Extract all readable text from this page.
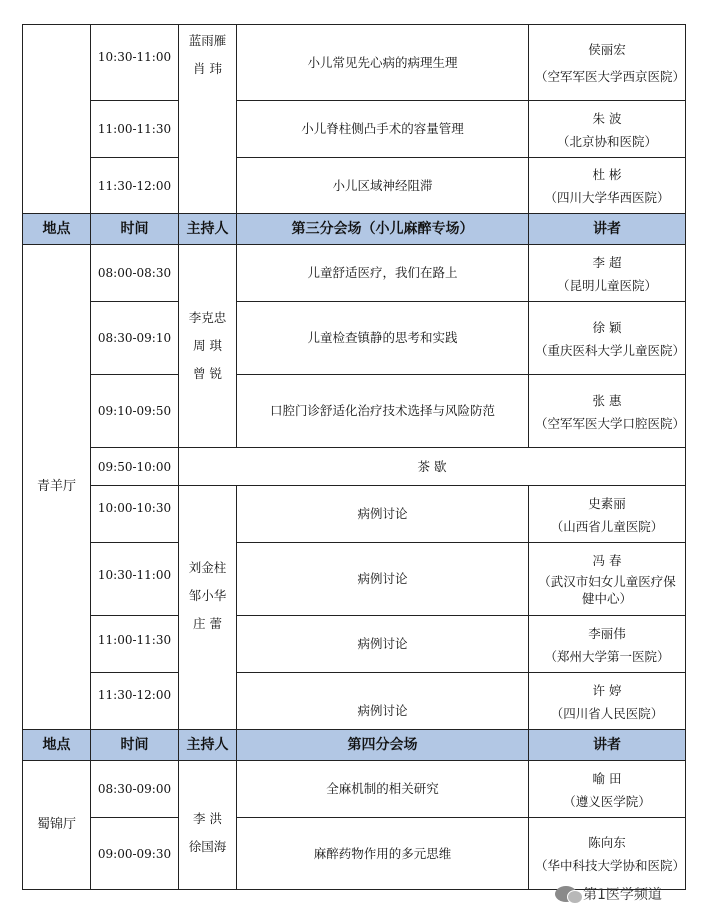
	10:30-11:00	蓝雨雁
肖 玮	小儿常见先心病的病理生理	侯丽宏
（空军军医大学西京医院）

	11:00-11:30		小儿脊柱侧凸手术的容量管理	朱 波
（北京协和医院）

	11:30-12:00		小儿区域神经阻滞	杜 彬
（四川大学华西医院）

地点	时间	主持人	第三分会场（小儿麻醉专场）	讲者
青羊厅	08:00-08:30	李克忠
周 琪
曾 锐	儿童舒适医疗，我们在路上	李 超
（昆明儿童医院）

	08:30-09:10		儿童检查镇静的思考和实践	徐 颖
（重庆医科大学儿童医院）

	09:10-09:50		口腔门诊舒适化治疗技术选择与风险防范	张 惠
（空军军医大学口腔医院）

	09:50-10:00	茶 歇		
	10:00-10:30	刘金柱
邹小华
庄 蕾	病例讨论	史素丽
（山西省儿童医院）

	10:30-11:00		病例讨论	冯 春
（武汉市妇女儿童医疗保健中心）

	11:00-11:30		病例讨论	李丽伟
（郑州大学第一医院）

	11:30-12:00		病例讨论	许 婷
（四川省人民医院）

地点	时间	主持人	第四分会场	讲者
蜀锦厅	08:30-09:00	李 洪
徐国海	全麻机制的相关研究	喻 田
（遵义医学院）

	09:00-09:30		麻醉药物作用的多元思维	陈向东
（华中科技大学协和医院）
第1医学频道
